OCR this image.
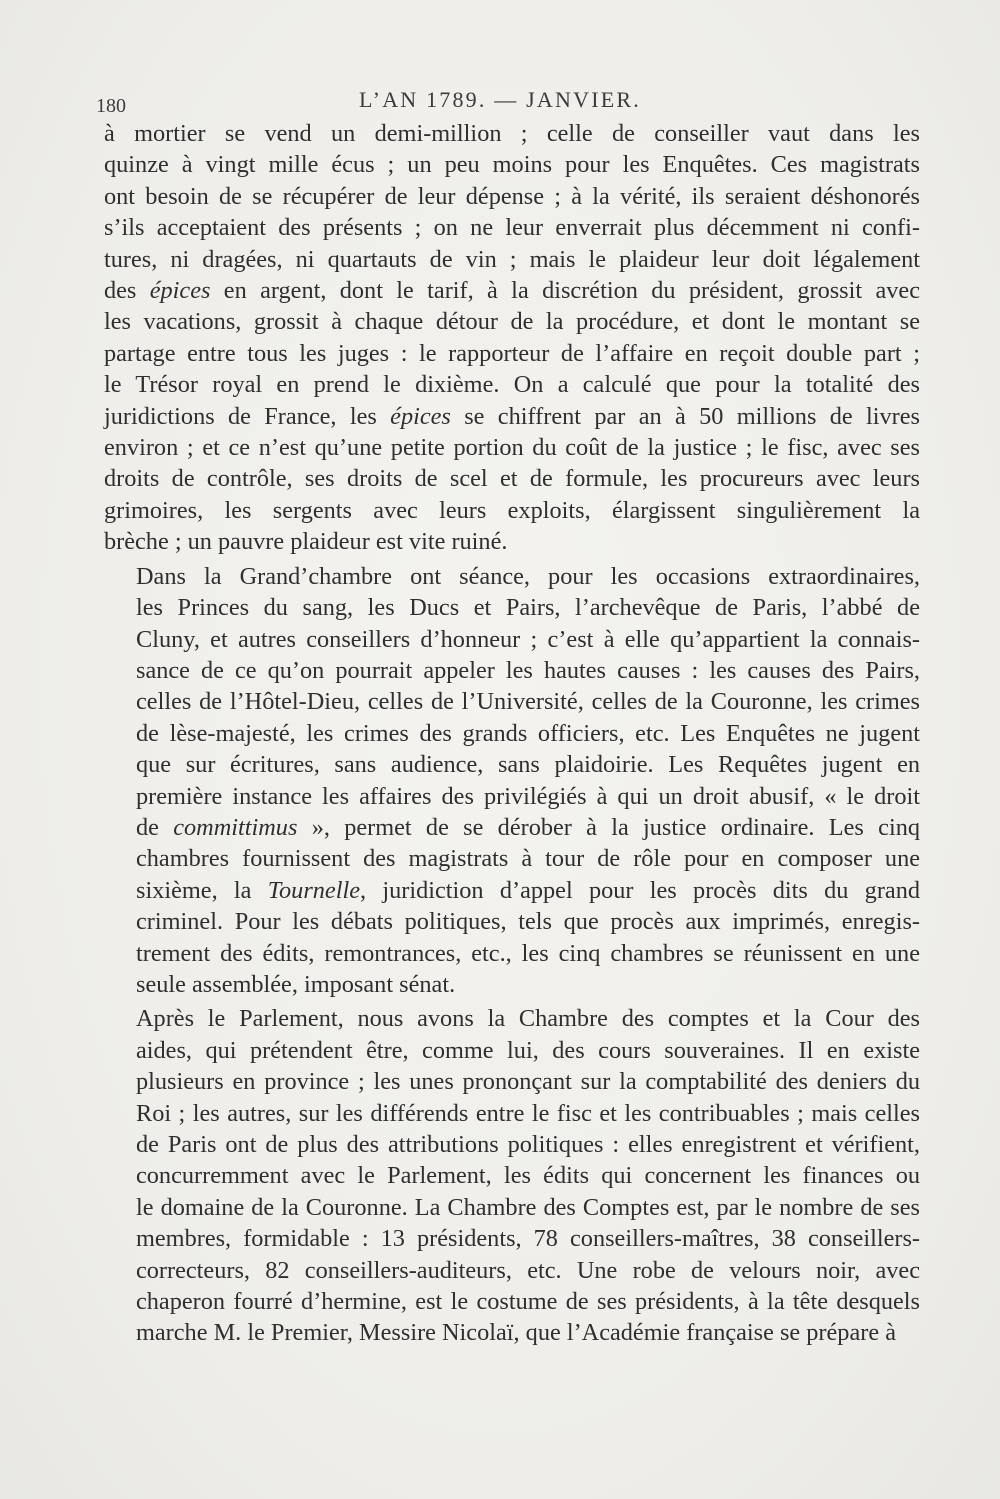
180	L’AN 1789. — JANVIER.
à mortier se vend un demi-million ; celle de conseiller vaut dans les
quinze à vingt mille écus ; un peu moins pour les Enquêtes. Ces magistrats
ont besoin de se récupérer de leur dépense ; à la vérité, ils seraient déshonorés
s’ils acceptaient des présents ; on ne leur enverrait plus décemment ni confi-
tures, ni dragées, ni quartauts de vin ; mais le plaideur leur doit légalement
des épices en argent, dont le tarif, à la discrétion du président, grossit avec
les vacations, grossit à chaque détour de la procédure, et dont le montant se
partage entre tous les juges : le rapporteur de l’affaire en reçoit double part ;
le Trésor royal en prend le dixième. On a calculé que pour la totalité des
juridictions de France, les épices se chiffrent par an à 50 millions de livres
environ ; et ce n’est qu’une petite portion du coût de la justice ; le fisc, avec ses
droits de contrôle, ses droits de scel et de formule, les procureurs avec leurs
grimoires, les sergents avec leurs exploits, élargissent singulièrement la
brèche ; un pauvre plaideur est vite ruiné.
Dans la Grand’chambre ont séance, pour les occasions extraordinaires,
les Princes du sang, les Ducs et Pairs, l’archevêque de Paris, l’abbé de
Cluny, et autres conseillers d’honneur ; c’est à elle qu’appartient la connais-
sance de ce qu’on pourrait appeler les hautes causes : les causes des Pairs,
celles de l’Hôtel-Dieu, celles de l’Université, celles de la Couronne, les crimes
de lèse-majesté, les crimes des grands officiers, etc. Les Enquêtes ne jugent
que sur écritures, sans audience, sans plaidoirie. Les Requêtes jugent en
première instance les affaires des privilégiés à qui un droit abusif, « le droit
de committimus », permet de se dérober à la justice ordinaire. Les cinq
chambres fournissent des magistrats à tour de rôle pour en composer une
sixième, la Tournelle, juridiction d’appel pour les procès dits du grand
criminel. Pour les débats politiques, tels que procès aux imprimés, enregis-
trement des édits, remontrances, etc., les cinq chambres se réunissent en une
seule assemblée, imposant sénat.
Après le Parlement, nous avons la Chambre des comptes et la Cour des
aides, qui prétendent être, comme lui, des cours souveraines. Il en existe
plusieurs en province ; les unes prononçant sur la comptabilité des deniers du
Roi ; les autres, sur les différends entre le fisc et les contribuables ; mais celles
de Paris ont de plus des attributions politiques : elles enregistrent et vérifient,
concurremment avec le Parlement, les édits qui concernent les finances ou
le domaine de la Couronne. La Chambre des Comptes est, par le nombre de ses
membres, formidable : 13 présidents, 78 conseillers-maîtres, 38 conseillers-
correcteurs, 82 conseillers-auditeurs, etc. Une robe de velours noir, avec
chaperon fourré d’hermine, est le costume de ses présidents, à la tête desquels
marche M. le Premier, Messire Nicolaï, que l’Académie française se prépare à
